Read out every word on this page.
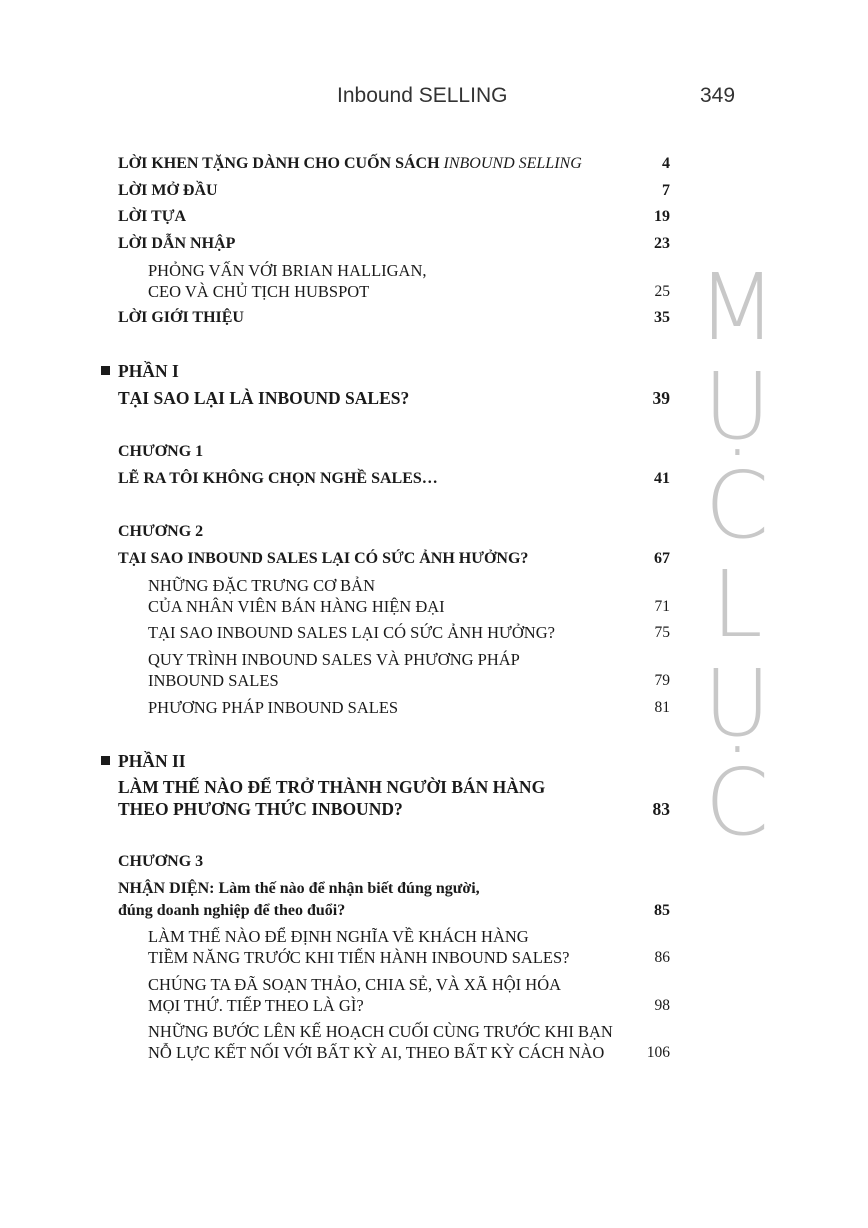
Inbound SELLING	349
M
Ụ
C
L
Ụ
C
LỜI KHEN TẶNG DÀNH CHO CUỐN SÁCH INBOUND SELLING	4
LỜI MỞ ĐẦU	7
LỜI TỰA	19
LỜI DẪN NHẬP	23
PHỎNG VẤN VỚI BRIAN HALLIGAN,
CEO VÀ CHỦ TỊCH HUBSPOT	25
LỜI GIỚI THIỆU	35
PHẦN I
TẠI SAO LẠI LÀ INBOUND SALES?	39
CHƯƠNG 1
LẼ RA TÔI KHÔNG CHỌN NGHỀ SALES…	41
CHƯƠNG 2
TẠI SAO INBOUND SALES LẠI CÓ SỨC ẢNH HƯỞNG?	67
NHỮNG ĐẶC TRƯNG CƠ BẢN
CỦA NHÂN VIÊN BÁN HÀNG HIỆN ĐẠI	71
TẠI SAO INBOUND SALES LẠI CÓ SỨC ẢNH HƯỞNG?	75
QUY TRÌNH INBOUND SALES VÀ PHƯƠNG PHÁP
INBOUND SALES	79
PHƯƠNG PHÁP INBOUND SALES	81
PHẦN II
LÀM THẾ NÀO ĐỂ TRỞ THÀNH NGƯỜI BÁN HÀNG
THEO PHƯƠNG THỨC INBOUND?	83
CHƯƠNG 3
NHẬN DIỆN: Làm thế nào để nhận biết đúng người,
đúng doanh nghiệp để theo đuổi?	85
LÀM THẾ NÀO ĐỂ ĐỊNH NGHĨA VỀ KHÁCH HÀNG
TIỀM NĂNG TRƯỚC KHI TIẾN HÀNH INBOUND SALES?	86
CHÚNG TA ĐÃ SOẠN THẢO, CHIA SẺ, VÀ XÃ HỘI HÓA
MỌI THỨ. TIẾP THEO LÀ GÌ?	98
NHỮNG BƯỚC LÊN KẾ HOẠCH CUỐI CÙNG TRƯỚC KHI BẠN
NỖ LỰC KẾT NỐI VỚI BẤT KỲ AI, THEO BẤT KỲ CÁCH NÀO	106
